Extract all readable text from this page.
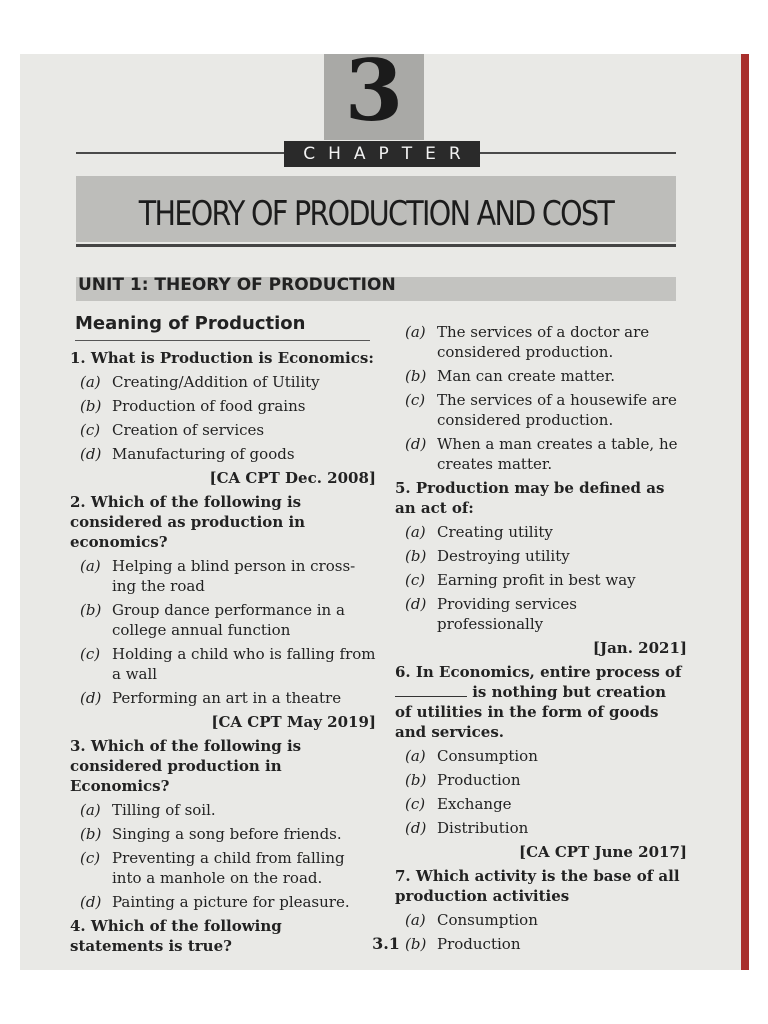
3
CHAPTER
THEORY OF PRODUCTION AND COST
UNIT 1: THEORY OF PRODUCTION
Meaning of Production
1. What is Production is Economics:
(a) Creating/Addition of Utility
(b) Production of food grains
(c) Creation of services
(d) Manufacturing of goods
[CA CPT Dec. 2008]
2. Which of the following is considered as production in economics?
(a) Helping a blind person in cross-ing the road
(b) Group dance performance in a college annual function
(c) Holding a child who is falling from a wall
(d) Performing an art in a theatre
[CA CPT May 2019]
3. Which of the following is considered production in Economics?
(a) Tilling of soil.
(b) Singing a song before friends.
(c) Preventing a child from falling into a manhole on the road.
(d) Painting a picture for pleasure.
4. Which of the following statements is true?
(a) The services of a doctor are considered production.
(b) Man can create matter.
(c) The services of a housewife are considered production.
(d) When a man creates a table, he creates matter.
5. Production may be defined as an act of:
(a) Creating utility
(b) Destroying utility
(c) Earning profit in best way
(d) Providing services professionally
[Jan. 2021]
6. In Economics, entire process of  is nothing but creation of utilities in the form of goods and services.
(a) Consumption
(b) Production
(c) Exchange
(d) Distribution
[CA CPT June 2017]
7. Which activity is the base of all production activities
(a) Consumption
(b) Production
3.1
